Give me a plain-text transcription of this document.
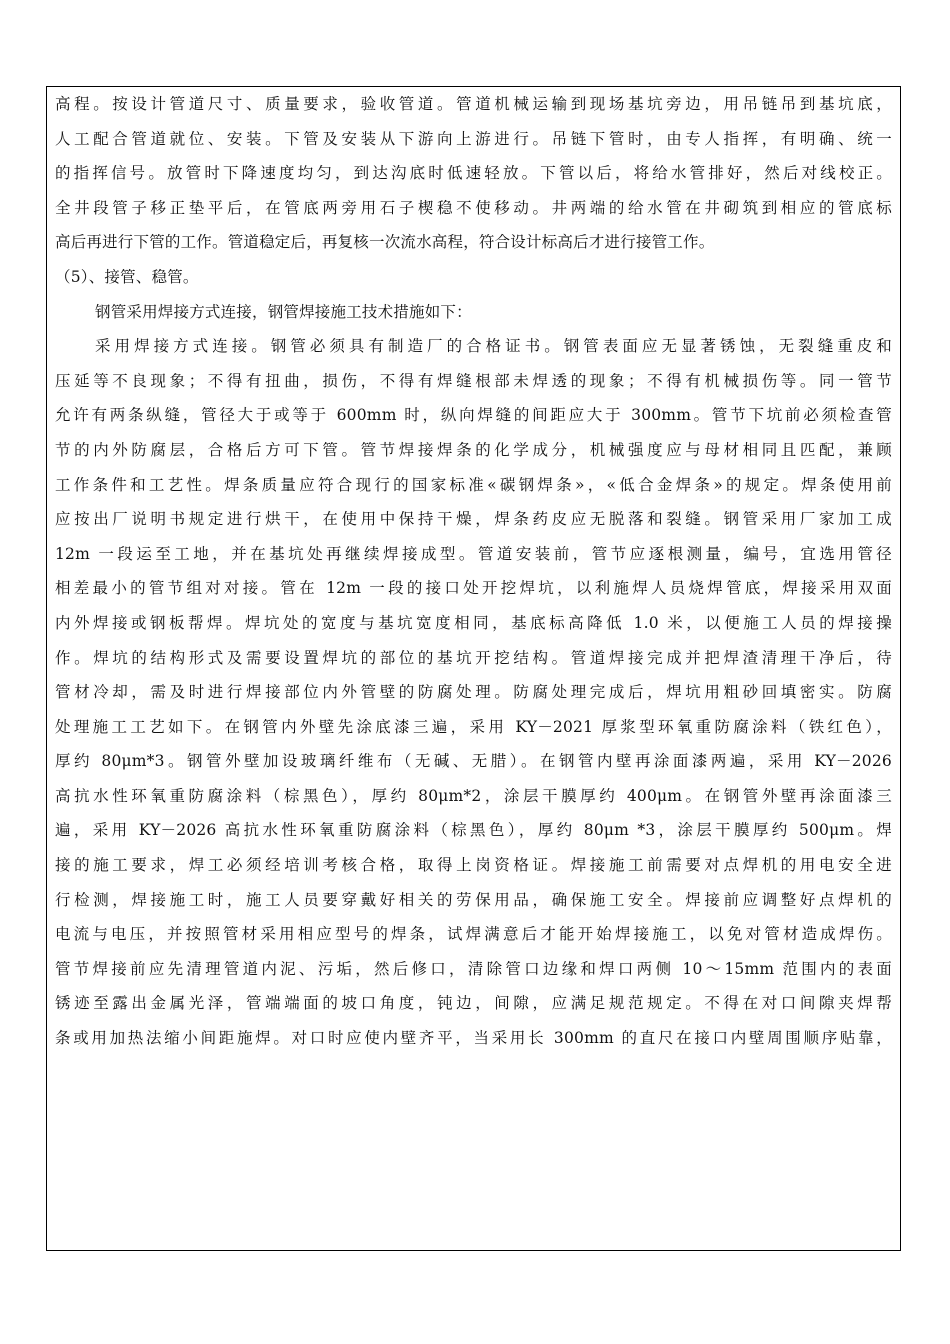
高程。按设计管道尺寸、质量要求，验收管道。管道机械运输到现场基坑旁边，用吊链吊到基坑底，
人工配合管道就位、安装。下管及安装从下游向上游进行。吊链下管时，由专人指挥，有明确、统一
的指挥信号。放管时下降速度均匀，到达沟底时低速轻放。下管以后，将给水管排好，然后对线校正。
全井段管子移正垫平后，在管底两旁用石子楔稳不使移动。井两端的给水管在井砌筑到相应的管底标
高后再进行下管的工作。管道稳定后，再复核一次流水高程，符合设计标高后才进行接管工作。
（5）、接管、稳管。
钢管采用焊接方式连接，钢管焊接施工技术措施如下：
采用焊接方式连接。钢管必须具有制造厂的合格证书。钢管表面应无显著锈蚀，无裂缝重皮和
压延等不良现象；不得有扭曲，损伤，不得有焊缝根部未焊透的现象；不得有机械损伤等。同一管节
允许有两条纵缝，管径大于或等于 600mm 时，纵向焊缝的间距应大于 300mm。管节下坑前必须检查管
节的内外防腐层，合格后方可下管。管节焊接焊条的化学成分，机械强度应与母材相同且匹配，兼顾
工作条件和工艺性。焊条质量应符合现行的国家标准«碳钢焊条»，«低合金焊条»的规定。焊条使用前
应按出厂说明书规定进行烘干，在使用中保持干燥，焊条药皮应无脱落和裂缝。钢管采用厂家加工成
12m 一段运至工地，并在基坑处再继续焊接成型。管道安装前，管节应逐根测量，编号，宜选用管径
相差最小的管节组对对接。管在 12m 一段的接口处开挖焊坑，以利施焊人员烧焊管底，焊接采用双面
内外焊接或钢板帮焊。焊坑处的宽度与基坑宽度相同，基底标高降低 1.0 米，以便施工人员的焊接操
作。焊坑的结构形式及需要设置焊坑的部位的基坑开挖结构。管道焊接完成并把焊渣清理干净后，待
管材冷却，需及时进行焊接部位内外管壁的防腐处理。防腐处理完成后，焊坑用粗砂回填密实。防腐
处理施工工艺如下。在钢管内外壁先涂底漆三遍，采用 KY－2021 厚浆型环氧重防腐涂料（铁红色），
厚约 80μm*3。钢管外壁加设玻璃纤维布（无碱、无腊）。在钢管内壁再涂面漆两遍，采用 KY－2026
高抗水性环氧重防腐涂料（棕黑色），厚约 80μm*2，涂层干膜厚约 400μm。在钢管外壁再涂面漆三
遍，采用 KY－2026 高抗水性环氧重防腐涂料（棕黑色），厚约 80μm *3，涂层干膜厚约 500μm。焊
接的施工要求，焊工必须经培训考核合格，取得上岗资格证。焊接施工前需要对点焊机的用电安全进
行检测，焊接施工时，施工人员要穿戴好相关的劳保用品，确保施工安全。焊接前应调整好点焊机的
电流与电压，并按照管材采用相应型号的焊条，试焊满意后才能开始焊接施工，以免对管材造成焊伤。
管节焊接前应先清理管道内泥、污垢，然后修口，清除管口边缘和焊口两侧 10～15mm 范围内的表面
锈迹至露出金属光泽，管端端面的坡口角度，钝边，间隙，应满足规范规定。不得在对口间隙夹焊帮
条或用加热法缩小间距施焊。对口时应使内壁齐平，当采用长 300mm 的直尺在接口内壁周围顺序贴靠，
